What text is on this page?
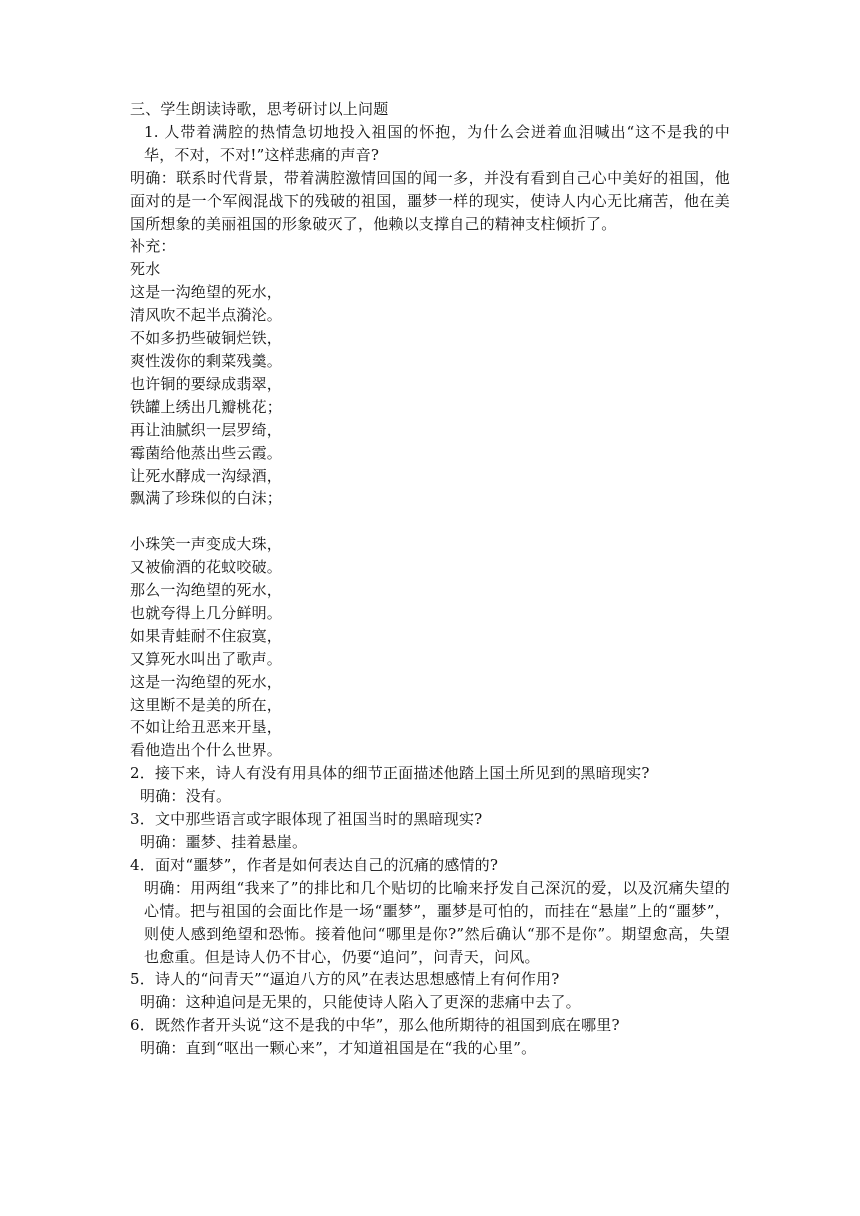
三、学生朗读诗歌，思考研讨以上问题
1. 人带着满腔的热情急切地投入祖国的怀抱，为什么会迸着血泪喊出“这不是我的中华，不对，不对!”这样悲痛的声音?
明确：联系时代背景，带着满腔激情回国的闻一多，并没有看到自己心中美好的祖国，他面对的是一个军阀混战下的残破的祖国，噩梦一样的现实，使诗人内心无比痛苦，他在美国所想象的美丽祖国的形象破灭了，他赖以支撑自己的精神支柱倾折了。
补充：
死水
这是一沟绝望的死水，
清风吹不起半点漪沦。
不如多扔些破铜烂铁，
爽性泼你的剩菜残羹。
也许铜的要绿成翡翠，
铁罐上绣出几瓣桃花；
再让油腻织一层罗绮，
霉菌给他蒸出些云霞。
让死水酵成一沟绿酒，
飘满了珍珠似的白沫；
小珠笑一声变成大珠，
又被偷酒的花蚊咬破。
那么一沟绝望的死水，
也就夸得上几分鲜明。
如果青蛙耐不住寂寞，
又算死水叫出了歌声。
这是一沟绝望的死水，
这里断不是美的所在，
不如让给丑恶来开垦，
看他造出个什么世界。
2．接下来，诗人有没有用具体的细节正面描述他踏上国土所见到的黑暗现实?
明确：没有。
3．文中那些语言或字眼体现了祖国当时的黑暗现实?
明确：噩梦、挂着悬崖。
4．面对“噩梦”，作者是如何表达自己的沉痛的感情的?
明确：用两组“我来了”的排比和几个贴切的比喻来抒发自己深沉的爱，以及沉痛失望的心情。把与祖国的会面比作是一场“噩梦”，噩梦是可怕的，而挂在“悬崖”上的“噩梦”，则使人感到绝望和恐怖。接着他问“哪里是你?”然后确认“那不是你”。期望愈高，失望也愈重。但是诗人仍不甘心，仍要“追问”，问青天，问风。
5．诗人的“问青天”“逼迫八方的风”在表达思想感情上有何作用?
明确：这种追问是无果的，只能使诗人陷入了更深的悲痛中去了。
6．既然作者开头说“这不是我的中华”，那么他所期待的祖国到底在哪里?
明确：直到“呕出一颗心来”，才知道祖国是在“我的心里”。
